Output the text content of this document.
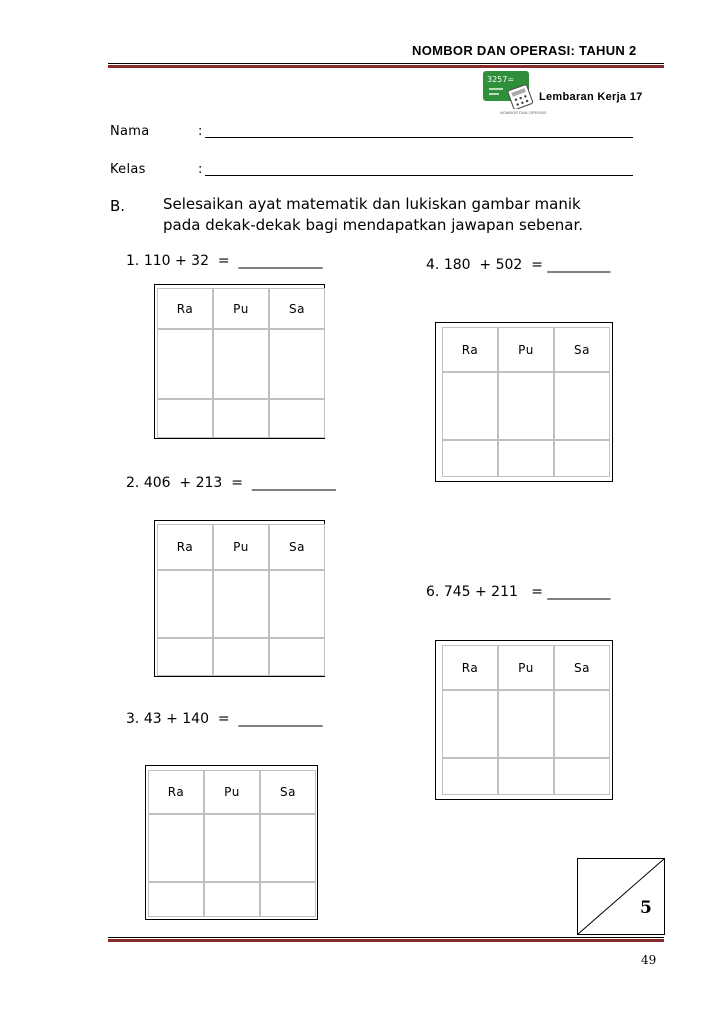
NOMBOR DAN OPERASI: TAHUN 2
3257=
NOMBOR DAN OPERASI
Lembaran Kerja 17
Nama	:
Kelas	:
B.	Selesaikan ayat matematik dan lukiskan gambar manik
pada dekak-dekak bagi mendapatkan jawapan sebenar.
1. 110 + 32  =  ____________
Ra	Pu	Sa
4. 180  + 502  = _________
Ra	Pu	Sa
2. 406  + 213  =  ____________
Ra	Pu	Sa
6. 745 + 211   = _________
Ra	Pu	Sa
3. 43 + 140  =  ____________
Ra	Pu	Sa
5
49
